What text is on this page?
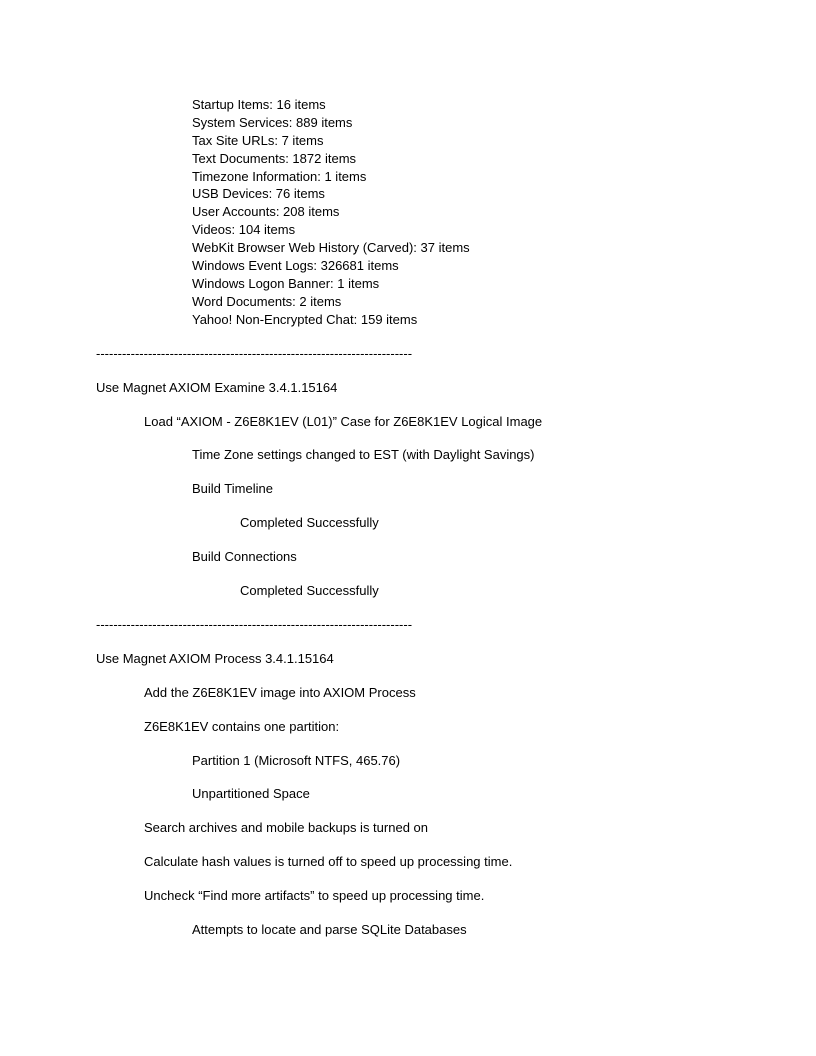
Startup Items: 16 items
System Services: 889 items
Tax Site URLs: 7 items
Text Documents: 1872 items
Timezone Information: 1 items
USB Devices: 76 items
User Accounts: 208 items
Videos: 104 items
WebKit Browser Web History (Carved): 37 items
Windows Event Logs: 326681 items
Windows Logon Banner: 1 items
Word Documents: 2 items
Yahoo! Non-Encrypted Chat: 159 items
-------------------------------------------------------------------------
Use Magnet AXIOM Examine 3.4.1.15164
Load “AXIOM - Z6E8K1EV (L01)” Case for Z6E8K1EV Logical Image
Time Zone settings changed to EST (with Daylight Savings)
Build Timeline
Completed Successfully
Build Connections
Completed Successfully
-------------------------------------------------------------------------
Use Magnet AXIOM Process 3.4.1.15164
Add the Z6E8K1EV image into AXIOM Process
Z6E8K1EV contains one partition:
Partition 1 (Microsoft NTFS, 465.76)
Unpartitioned Space
Search archives and mobile backups is turned on
Calculate hash values is turned off to speed up processing time.
Uncheck “Find more artifacts” to speed up processing time.
Attempts to locate and parse SQLite Databases
